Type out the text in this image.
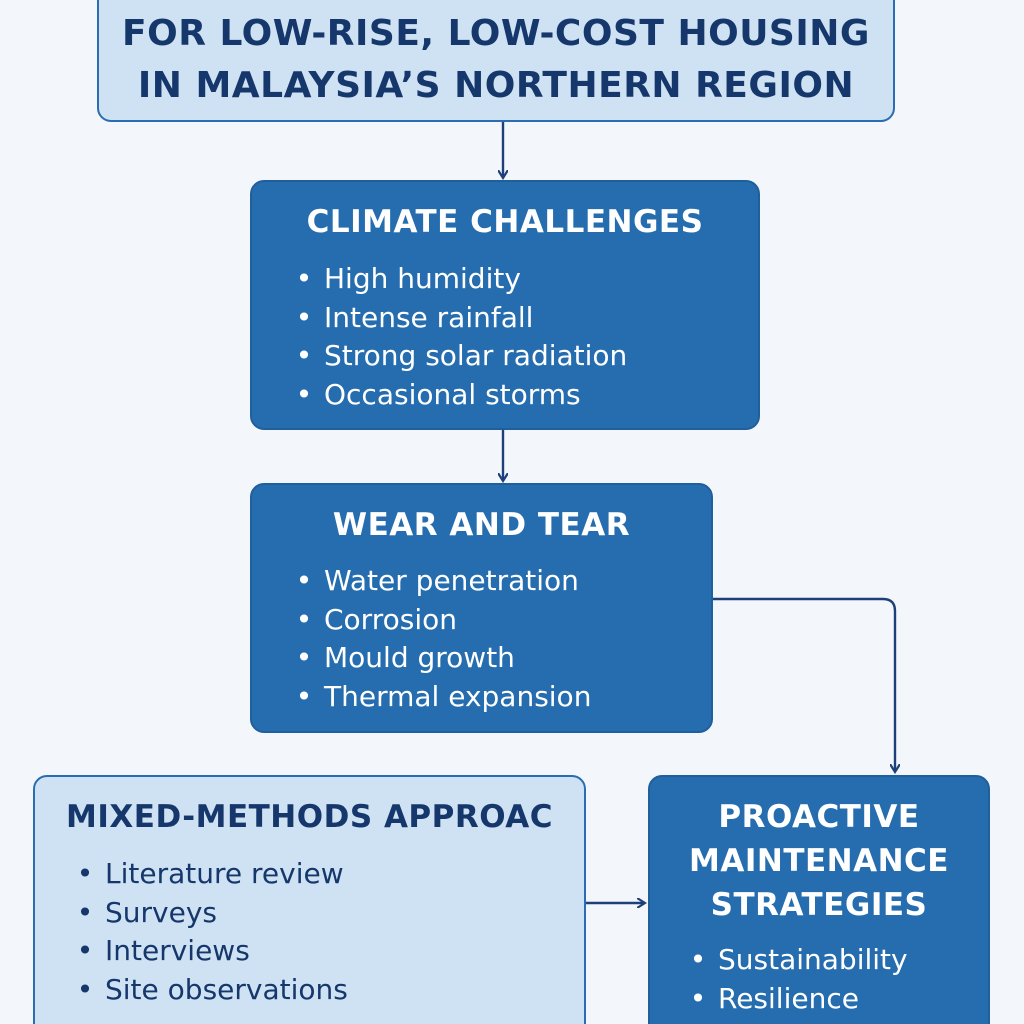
FOR LOW-RISE, LOW-COST HOUSING
IN MALAYSIA’S NORTHERN REGION
CLIMATE CHALLENGES
• High humidity
• Intense rainfall
• Strong solar radiation
• Occasional storms
WEAR AND TEAR
• Water penetration
• Corrosion
• Mould growth
• Thermal expansion
MIXED-METHODS APPROAC
• Literature review
• Surveys
• Interviews
• Site observations
PROACTIVE
MAINTENANCE
STRATEGIES
• Sustainability
• Resilience
